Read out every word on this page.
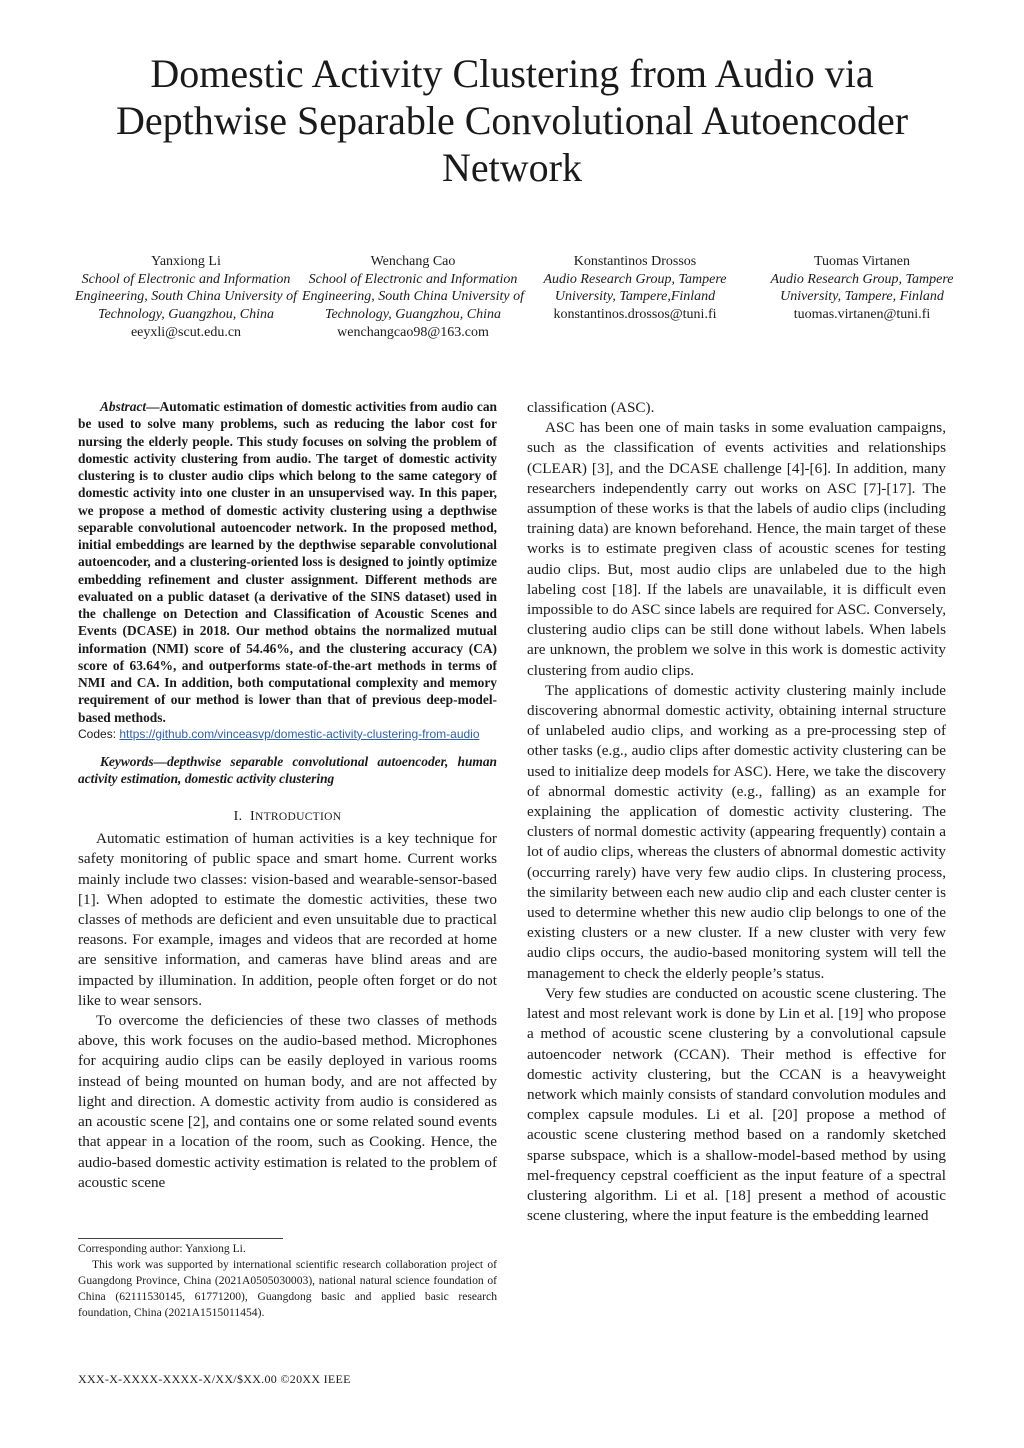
Domestic Activity Clustering from Audio via Depthwise Separable Convolutional Autoencoder Network
Yanxiong Li
School of Electronic and Information Engineering, South China University of Technology, Guangzhou, China
eeyxli@scut.edu.cn
Wenchang Cao
School of Electronic and Information Engineering, South China University of Technology, Guangzhou, China
wenchangcao98@163.com
Konstantinos Drossos
Audio Research Group, Tampere University, Tampere,Finland
konstantinos.drossos@tuni.fi
Tuomas Virtanen
Audio Research Group, Tampere University, Tampere, Finland
tuomas.virtanen@tuni.fi

Abstract—Automatic estimation of domestic activities from audio can be used to solve many problems, such as reducing the labor cost for nursing the elderly people. This study focuses on solving the problem of domestic activity clustering from audio. The target of domestic activity clustering is to cluster audio clips which belong to the same category of domestic activity into one cluster in an unsupervised way. In this paper, we propose a method of domestic activity clustering using a depthwise separable convolutional autoencoder network. In the proposed method, initial embeddings are learned by the depthwise separable convolutional autoencoder, and a clustering-oriented loss is designed to jointly optimize embedding refinement and cluster assignment. Different methods are evaluated on a public dataset (a derivative of the SINS dataset) used in the challenge on Detection and Classification of Acoustic Scenes and Events (DCASE) in 2018. Our method obtains the normalized mutual information (NMI) score of 54.46%, and the clustering accuracy (CA) score of 63.64%, and outperforms state-of-the-art methods in terms of NMI and CA. In addition, both computational complexity and memory requirement of our method is lower than that of previous deep-model-based methods.

Codes: https://github.com/vinceasvp/domestic-activity-clustering-from-audio

Keywords—depthwise separable convolutional autoencoder, human activity estimation, domestic activity clustering

I. INTRODUCTION

Automatic estimation of human activities is a key technique for safety monitoring of public space and smart home. Current works mainly include two classes: vision-based and wearable-sensor-based [1]. When adopted to estimate the domestic activities, these two classes of methods are deficient and even unsuitable due to practical reasons. For example, images and videos that are recorded at home are sensitive information, and cameras have blind areas and are impacted by illumination. In addition, people often forget or do not like to wear sensors.

To overcome the deficiencies of these two classes of methods above, this work focuses on the audio-based method. Microphones for acquiring audio clips can be easily deployed in various rooms instead of being mounted on human body, and are not affected by light and direction. A domestic activity from audio is considered as an acoustic scene [2], and contains one or some related sound events that appear in a location of the room, such as Cooking. Hence, the audio-based domestic activity estimation is related to the problem of acoustic scene

classification (ASC).

ASC has been one of main tasks in some evaluation campaigns, such as the classification of events activities and relationships (CLEAR) [3], and the DCASE challenge [4]-[6]. In addition, many researchers independently carry out works on ASC [7]-[17]. The assumption of these works is that the labels of audio clips (including training data) are known beforehand. Hence, the main target of these works is to estimate pregiven class of acoustic scenes for testing audio clips. But, most audio clips are unlabeled due to the high labeling cost [18]. If the labels are unavailable, it is difficult even impossible to do ASC since labels are required for ASC. Conversely, clustering audio clips can be still done without labels. When labels are unknown, the problem we solve in this work is domestic activity clustering from audio clips.

The applications of domestic activity clustering mainly include discovering abnormal domestic activity, obtaining internal structure of unlabeled audio clips, and working as a pre-processing step of other tasks (e.g., audio clips after domestic activity clustering can be used to initialize deep models for ASC). Here, we take the discovery of abnormal domestic activity (e.g., falling) as an example for explaining the application of domestic activity clustering. The clusters of normal domestic activity (appearing frequently) contain a lot of audio clips, whereas the clusters of abnormal domestic activity (occurring rarely) have very few audio clips. In clustering process, the similarity between each new audio clip and each cluster center is used to determine whether this new audio clip belongs to one of the existing clusters or a new cluster. If a new cluster with very few audio clips occurs, the audio-based monitoring system will tell the management to check the elderly people’s status.

Very few studies are conducted on acoustic scene clustering. The latest and most relevant work is done by Lin et al. [19] who propose a method of acoustic scene clustering by a convolutional capsule autoencoder network (CCAN). Their method is effective for domestic activity clustering, but the CCAN is a heavyweight network which mainly consists of standard convolution modules and complex capsule modules. Li et al. [20] propose a method of acoustic scene clustering method based on a randomly sketched sparse subspace, which is a shallow-model-based method by using mel-frequency cepstral coefficient as the input feature of a spectral clustering algorithm. Li et al. [18] present a method of acoustic scene clustering, where the input feature is the embedding learned

Corresponding author: Yanxiong Li.

This work was supported by international scientific research collaboration project of Guangdong Province, China (2021A0505030003), national natural science foundation of China (62111530145, 61771200), Guangdong basic and applied basic research foundation, China (2021A1515011454).

XXX-X-XXXX-XXXX-X/XX/$XX.00 ©20XX IEEE
